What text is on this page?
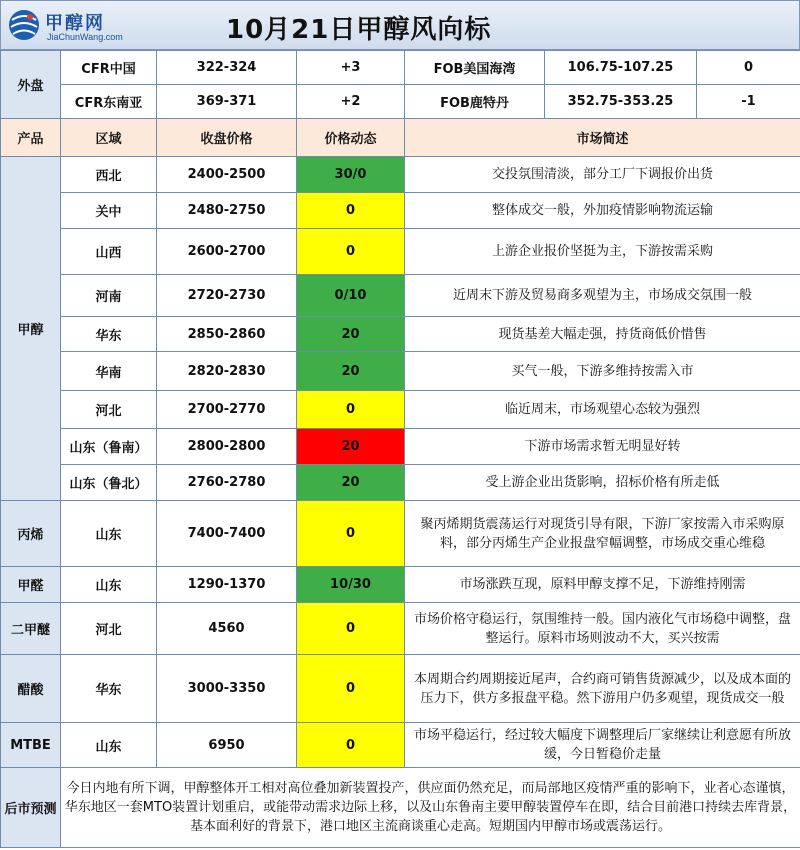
甲醇网
JiaChunWang.com	10月21日甲醇风向标
外盘	CFR中国	322-324	+3	FOB美国海湾	106.75-107.25	0
	CFR东南亚	369-371	+2	FOB鹿特丹	352.75-353.25	-1
产品	区域	收盘价格	价格动态	市场简述		
甲醇	西北	2400-2500	30/0	交投氛围清淡，部分工厂下调报价出货		
	关中	2480-2750	0	整体成交一般，外加疫情影响物流运输		
	山西	2600-2700	0	上游企业报价坚挺为主，下游按需采购		
	河南	2720-2730	0/10	近周末下游及贸易商多观望为主，市场成交氛围一般		
	华东	2850-2860	20	现货基差大幅走强，持货商低价惜售		
	华南	2820-2830	20	买气一般，下游多维持按需入市		
	河北	2700-2770	0	临近周末，市场观望心态较为强烈		
	山东（鲁南）	2800-2800	20	下游市场需求暂无明显好转		
	山东（鲁北）	2760-2780	20	受上游企业出货影响，招标价格有所走低		
丙烯	山东	7400-7400	0	聚丙烯期货震荡运行对现货引导有限，下游厂家按需入市采购原料，部分丙烯生产企业报盘窄幅调整，市场成交重心维稳		
甲醛	山东	1290-1370	10/30	市场涨跌互现，原料甲醇支撑不足，下游维持刚需		
二甲醚	河北	4560	0	市场价格守稳运行，氛围维持一般。国内液化气市场稳中调整，盘整运行。原料市场则波动不大，买兴按需		
醋酸	华东	3000-3350	0	本周期合约周期接近尾声，合约商可销售货源减少，以及成本面的压力下，供方多报盘平稳。然下游用户仍多观望，现货成交一般		
MTBE	山东	6950	0	市场平稳运行，经过较大幅度下调整理后厂家继续让利意愿有所放缓，今日暂稳价走量		
后市预测	今日内地有所下调，甲醇整体开工相对高位叠加新装置投产，供应面仍然充足，而局部地区疫情严重的影响下，业者心态谨慎，华东地区一套MTO装置计划重启，或能带动需求边际上移，以及山东鲁南主要甲醇装置停车在即，结合目前港口持续去库背景，基本面利好的背景下，港口地区主流商谈重心走高。短期国内甲醇市场或震荡运行。					
